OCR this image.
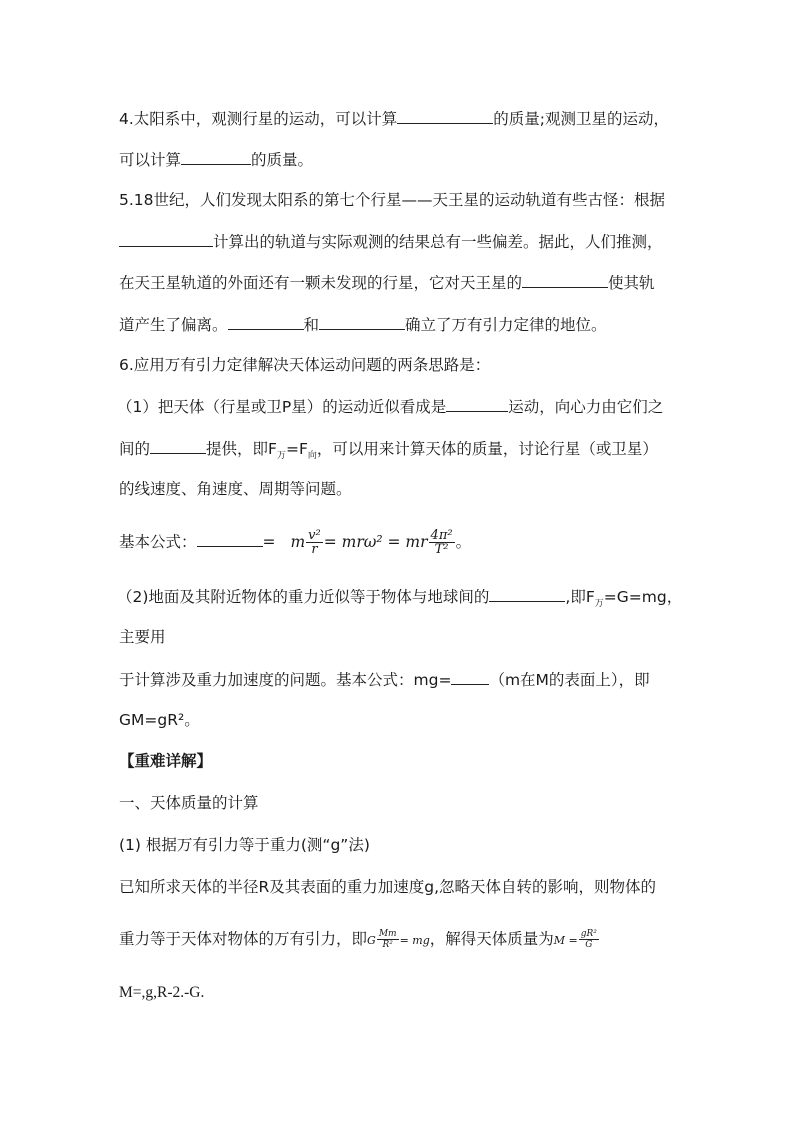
4.太阳系中，观测行星的运动，可以计算	的质量;观测卫星的运动，
可以计算	的质量。
5.18世纪，人们发现太阳系的第七个行星——天王星的运动轨道有些古怪：根据
计算出的轨道与实际观测的结果总有一些偏差。据此，人们推测，
在天王星轨道的外面还有一颗未发现的行星，它对天王星的	使其轨
道产生了偏离。	和	确立了万有引力定律的地位。
6.应用万有引力定律解决天体运动问题的两条思路是：
（1）把天体（行星或卫P星）的运动近似看成是	运动，向心力由它们之
间的	提供，即$F_万=F_向$，可以用来计算天体的质量，讨论行星（或卫星）
的线速度、角速度、周期等问题。
基本公式：	= m $\frac{\text{v²}}{r} = mr\omega^2$ = mr $\frac{\text{4π²}}{\text{T²}}$ 。
（2)地面及其附近物体的重力近似等于物体与地球间的	,即$F_万=G=mg$，
主要用
于计算涉及重力加速度的问题。基本公式：mg= （m在M的表面上），即
GM=gR²。
【重难详解】
一、天体质量的计算
(1) 根据万有引力等于重力(测“g”法)
已知所求天体的半径R及其表面的重力加速度g,忽略天体自转的影响，则物体的
重力等于天体对物体的万有引力，即G $\frac{Mm}{\text{R²}}$ = mg，解得天体质量为$M = \frac{\text{gR²}}{G}$
M=,g,R-2.-G.
